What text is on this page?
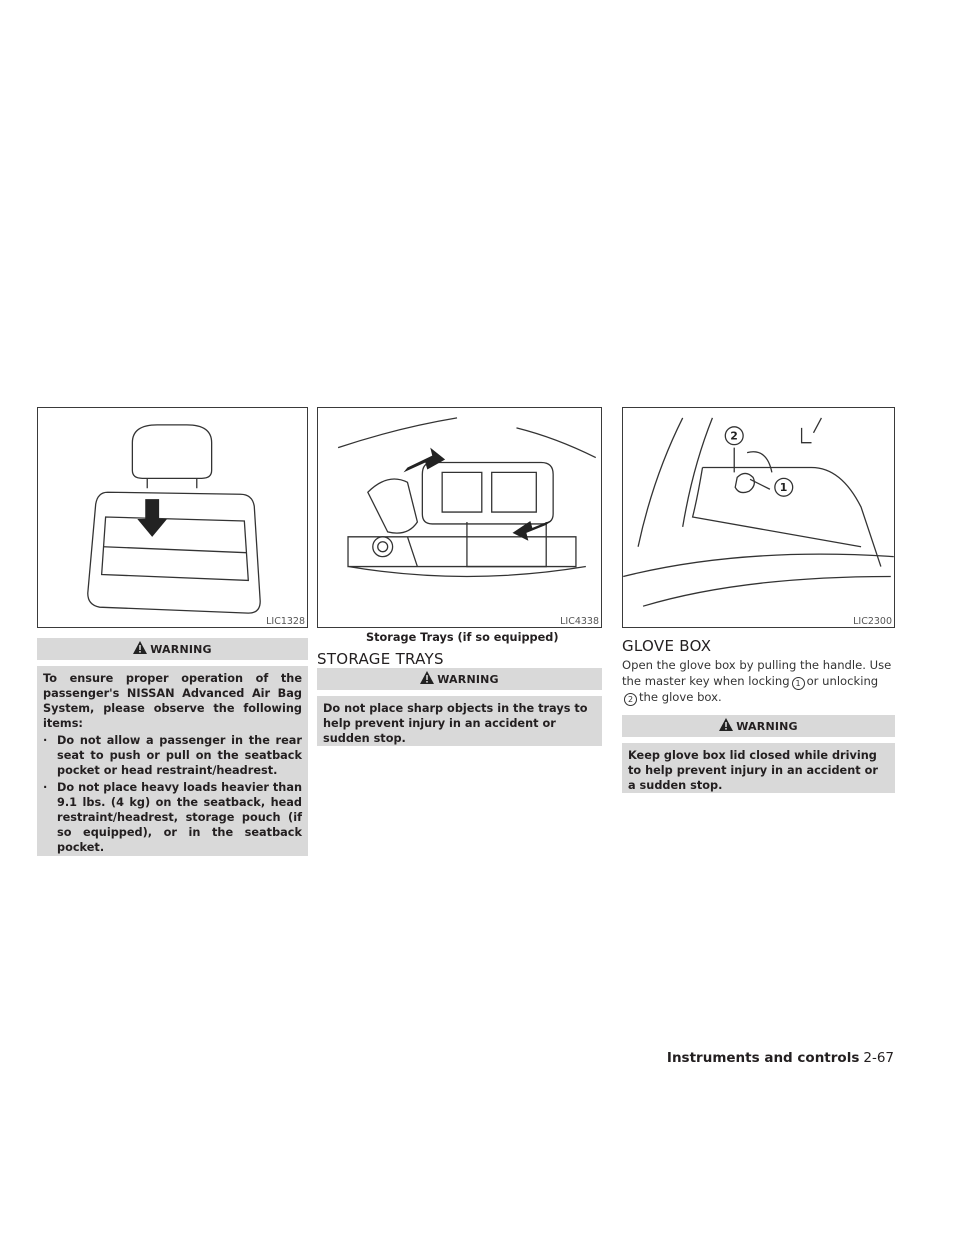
LIC1328
WARNING
To ensure proper operation of the passenger's NISSAN Advanced Air Bag System, please observe the following items:
· Do not allow a passenger in the rear seat to push or pull on the seatback pocket or head restraint/headrest.
· Do not place heavy loads heavier than 9.1 lbs. (4 kg) on the seatback, head restraint/headrest, storage pouch (if so equipped), or in the seatback pocket.
LIC4338
Storage Trays (if so equipped)
STORAGE TRAYS
WARNING
Do not place sharp objects in the trays to help prevent injury in an accident or sudden stop.
2
1
LIC2300
GLOVE BOX
Open the glove box by pulling the handle. Use the master key when locking 1 or unlocking2 the glove box.
WARNING
Keep glove box lid closed while driving to help prevent injury in an accident or a sudden stop.
Instruments and controls 2-67
